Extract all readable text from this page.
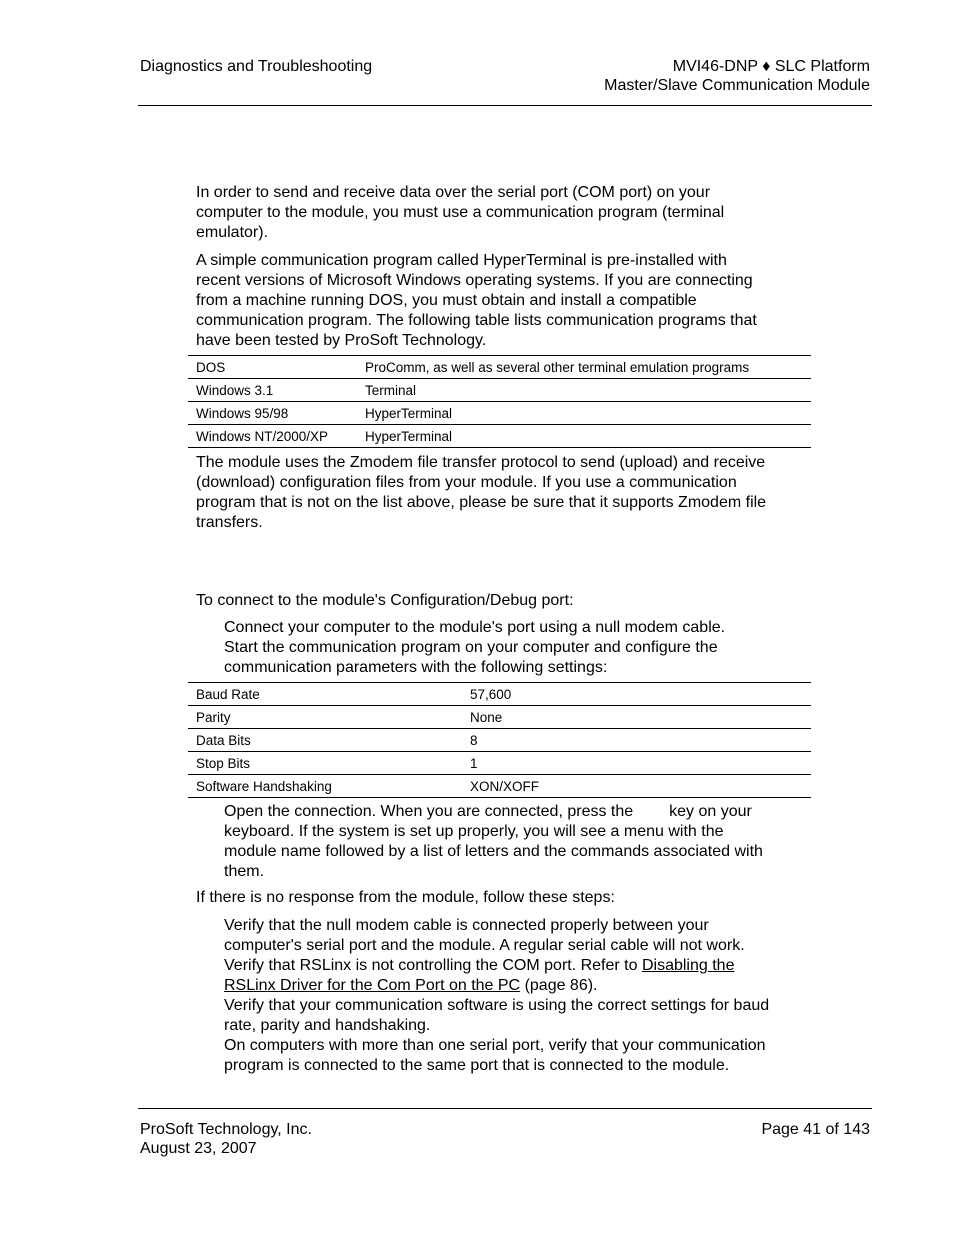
Diagnostics and Troubleshooting	MVI46-DNP ♦ SLC Platform
Master/Slave Communication Module
In order to send and receive data over the serial port (COM port) on your
computer to the module, you must use a communication program (terminal
emulator).
A simple communication program called HyperTerminal is pre-installed with
recent versions of Microsoft Windows operating systems. If you are connecting
from a machine running DOS, you must obtain and install a compatible
communication program. The following table lists communication programs that
have been tested by ProSoft Technology.
DOS	ProComm, as well as several other terminal emulation programs
Windows 3.1	Terminal
Windows 95/98	HyperTerminal
Windows NT/2000/XP	HyperTerminal
The module uses the Zmodem file transfer protocol to send (upload) and receive
(download) configuration files from your module. If you use a communication
program that is not on the list above, please be sure that it supports Zmodem file
transfers.
To connect to the module's Configuration/Debug port:
Connect your computer to the module's port using a null modem cable.
Start the communication program on your computer and configure the
communication parameters with the following settings:
Baud Rate	57,600
Parity	None
Data Bits	8
Stop Bits	1
Software Handshaking	XON/XOFF
Open the connection. When you are connected, press the key on your
keyboard. If the system is set up properly, you will see a menu with the
module name followed by a list of letters and the commands associated with
them.
If there is no response from the module, follow these steps:
Verify that the null modem cable is connected properly between your
computer's serial port and the module. A regular serial cable will not work.
Verify that RSLinx is not controlling the COM port. Refer to Disabling the
RSLinx Driver for the Com Port on the PC (page 86).
Verify that your communication software is using the correct settings for baud
rate, parity and handshaking.
On computers with more than one serial port, verify that your communication
program is connected to the same port that is connected to the module.
ProSoft Technology, Inc.
August 23, 2007
Page 41 of 143
